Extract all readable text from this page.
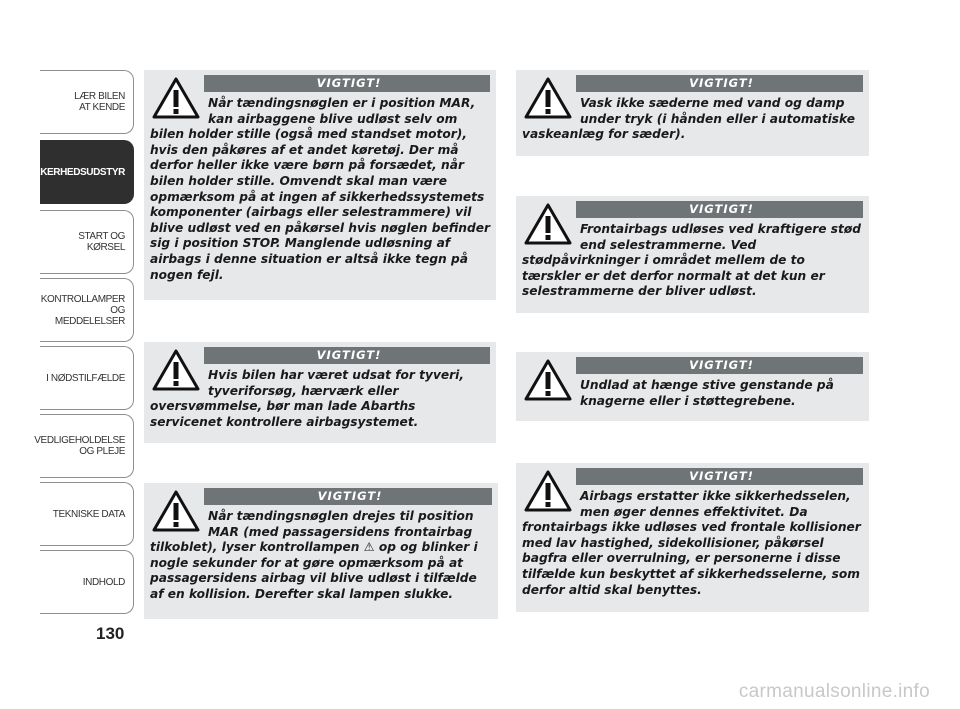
LÆR BILEN
AT KENDE
SIKKERHEDSUDSTYR
START OG KØRSEL
KONTROLLAMPER
OG MEDDELELSER
I NØDSTILFÆLDE
VEDLIGEHOLDELSE
OG PLEJE
TEKNISKE DATA
INDHOLD
130
VIGTIGT!
Når tændingsnøglen er i position MAR, kan airbaggene blive udløst selv om bilen holder stille (også med standset motor), hvis den påkøres af et andet køretøj. Der må derfor heller ikke være børn på forsædet, når bilen holder stille. Omvendt skal man være opmærksom på at ingen af sikkerhedssystemets komponenter (airbags eller selestrammere) vil blive udløst ved en påkørsel hvis nøglen befinder sig i position STOP. Manglende udløsning af airbags i denne situation er altså ikke tegn på nogen fejl.
VIGTIGT!
Hvis bilen har været udsat for tyveri, tyveriforsøg, hærværk eller oversvømmelse, bør man lade Abarths servicenet kontrollere airbagsystemet.
VIGTIGT!
Når tændingsnøglen drejes til position MAR (med passagersidens frontairbag tilkoblet), lyser kontrollampen ⚠ op og blinker i nogle sekunder for at gøre opmærksom på at passagersidens airbag vil blive udløst i tilfælde af en kollision. Derefter skal lampen slukke.
VIGTIGT!
Vask ikke sæderne med vand og damp under tryk (i hånden eller i automatiske vaskeanlæg for sæder).
VIGTIGT!
Frontairbags udløses ved kraftigere stød end selestrammerne. Ved stødpåvirkninger i området mellem de to tærskler er det derfor normalt at det kun er selestrammerne der bliver udløst.
VIGTIGT!
Undlad at hænge stive genstande på knagerne eller i støttegrebene.
VIGTIGT!
Airbags erstatter ikke sikkerhedsselen, men øger dennes effektivitet. Da frontairbags ikke udløses ved frontale kollisioner med lav hastighed, sidekollisioner, påkørsel bagfra eller overrulning, er personerne i disse tilfælde kun beskyttet af sikkerhedsselerne, som derfor altid skal benyttes.
carmanualsonline.info
